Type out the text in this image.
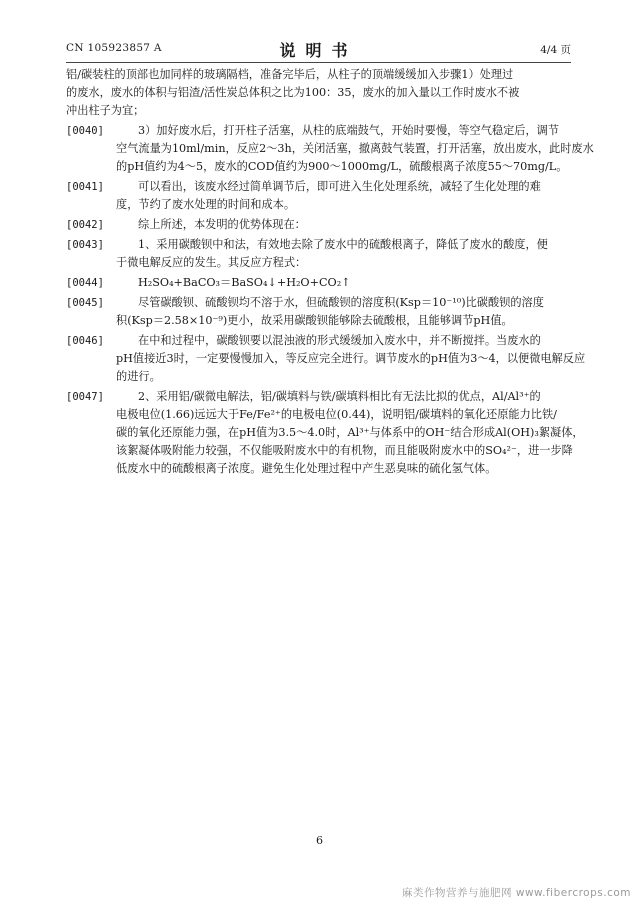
CN 105923857 A	说明书	4/4 页
铝/碳装柱的顶部也加同样的玻璃隔档，准备完毕后，从柱子的顶端缓缓加入步骤1）处理过
的废水，废水的体积与铝渣/活性炭总体积之比为100：35，废水的加入量以工作时废水不被
冲出柱子为宜；
[0040]	3）加好废水后，打开柱子活塞，从柱的底端鼓气，开始时要慢，等空气稳定后，调节
空气流量为10ml/min，反应2～3h，关闭活塞，撤离鼓气装置，打开活塞，放出废水，此时废水
的pH值约为4～5，废水的COD值约为900～1000mg/L，硫酸根离子浓度55～70mg/L。
[0041]	可以看出，该废水经过简单调节后，即可进入生化处理系统，减轻了生化处理的难
度，节约了废水处理的时间和成本。
[0042]	综上所述，本发明的优势体现在：
[0043]	1、采用碳酸钡中和法，有效地去除了废水中的硫酸根离子，降低了废水的酸度，便
于微电解反应的发生。其反应方程式：
[0044]	H₂SO₄+BaCO₃＝BaSO₄↓+H₂O+CO₂↑
[0045]	尽管碳酸钡、硫酸钡均不溶于水，但硫酸钡的溶度积(Ksp＝10⁻¹⁰)比碳酸钡的溶度
积(Ksp＝2.58×10⁻⁹)更小，故采用碳酸钡能够除去硫酸根，且能够调节pH值。
[0046]	在中和过程中，碳酸钡要以混浊液的形式缓缓加入废水中，并不断搅拌。当废水的
pH值接近3时，一定要慢慢加入，等反应完全进行。调节废水的pH值为3～4，以便微电解反应
的进行。
[0047]	2、采用铝/碳微电解法，铝/碳填料与铁/碳填料相比有无法比拟的优点，Al/Al³⁺的
电极电位(1.66)远远大于Fe/Fe²⁺的电极电位(0.44)，说明铝/碳填料的氧化还原能力比铁/
碳的氧化还原能力强，在pH值为3.5～4.0时，Al³⁺与体系中的OH⁻结合形成Al(OH)₃絮凝体，
该絮凝体吸附能力较强，不仅能吸附废水中的有机物，而且能吸附废水中的SO₄²⁻，进一步降
低废水中的硫酸根离子浓度。避免生化处理过程中产生恶臭味的硫化氢气体。
6
麻类作物营养与施肥网 www.fibercrops.com
